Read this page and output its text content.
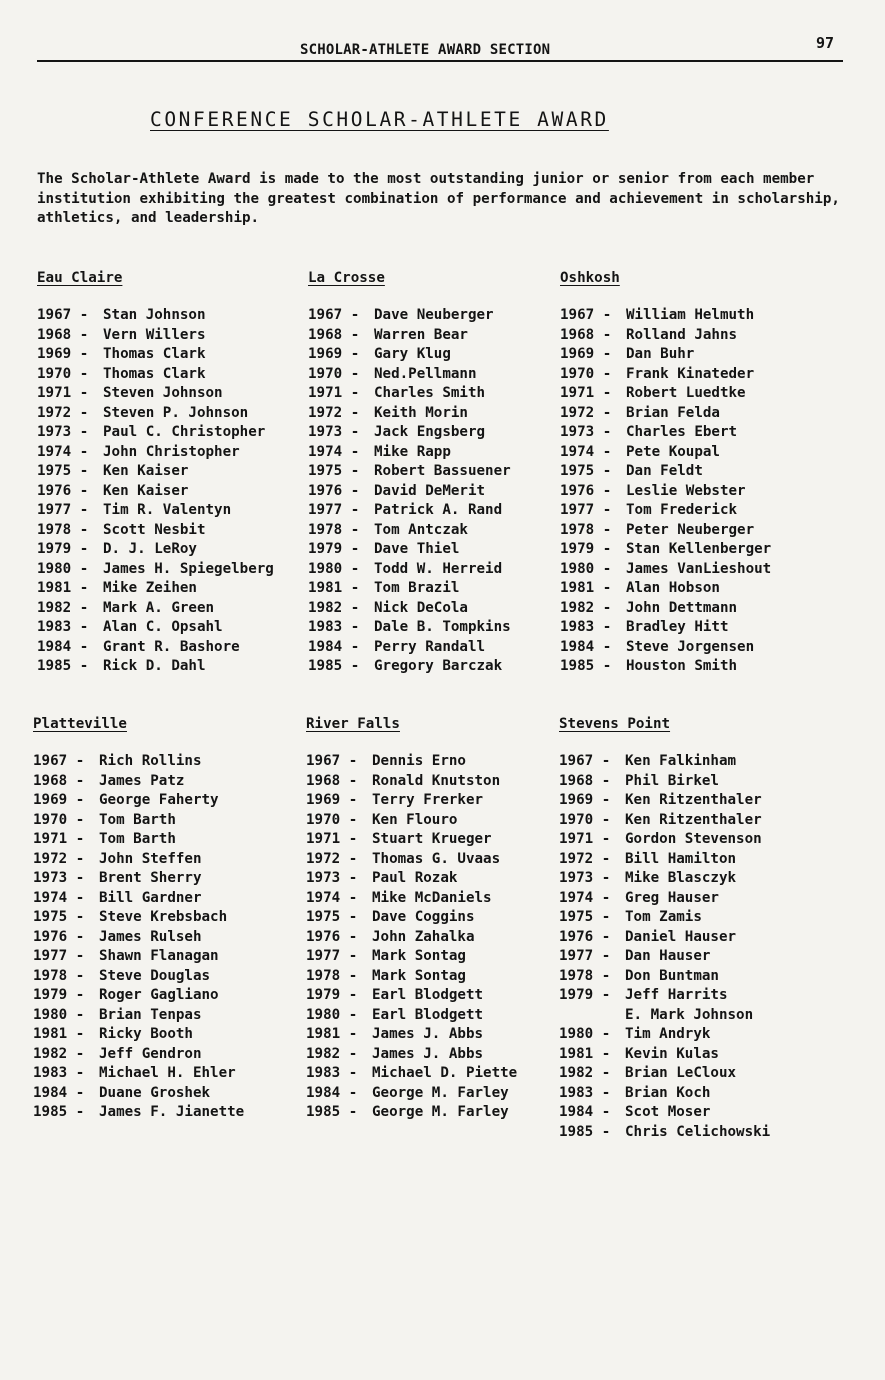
SCHOLAR-ATHLETE AWARD SECTION	97
CONFERENCE SCHOLAR-ATHLETE AWARD
The Scholar-Athlete Award is made to the most outstanding junior or senior from each member institution exhibiting the greatest combination of performance and achievement in scholarship, athletics, and leadership.
Eau Claire
1967 - Stan Johnson
1968 - Vern Willers
1969 - Thomas Clark
1970 - Thomas Clark
1971 - Steven Johnson
1972 - Steven P. Johnson
1973 - Paul C. Christopher
1974 - John Christopher
1975 - Ken Kaiser
1976 - Ken Kaiser
1977 - Tim R. Valentyn
1978 - Scott Nesbit
1979 - D. J. LeRoy
1980 - James H. Spiegelberg
1981 - Mike Zeihen
1982 - Mark A. Green
1983 - Alan C. Opsahl
1984 - Grant R. Bashore
1985 - Rick D. Dahl
La Crosse
1967 - Dave Neuberger
1968 - Warren Bear
1969 - Gary Klug
1970 - Ned.Pellmann
1971 - Charles Smith
1972 - Keith Morin
1973 - Jack Engsberg
1974 - Mike Rapp
1975 - Robert Bassuener
1976 - David DeMerit
1977 - Patrick A. Rand
1978 - Tom Antczak
1979 - Dave Thiel
1980 - Todd W. Herreid
1981 - Tom Brazil
1982 - Nick DeCola
1983 - Dale B. Tompkins
1984 - Perry Randall
1985 - Gregory Barczak
Oshkosh
1967 - William Helmuth
1968 - Rolland Jahns
1969 - Dan Buhr
1970 - Frank Kinateder
1971 - Robert Luedtke
1972 - Brian Felda
1973 - Charles Ebert
1974 - Pete Koupal
1975 - Dan Feldt
1976 - Leslie Webster
1977 - Tom Frederick
1978 - Peter Neuberger
1979 - Stan Kellenberger
1980 - James VanLieshout
1981 - Alan Hobson
1982 - John Dettmann
1983 - Bradley Hitt
1984 - Steve Jorgensen
1985 - Houston Smith
Platteville
1967 - Rich Rollins
1968 - James Patz
1969 - George Faherty
1970 - Tom Barth
1971 - Tom Barth
1972 - John Steffen
1973 - Brent Sherry
1974 - Bill Gardner
1975 - Steve Krebsbach
1976 - James Rulseh
1977 - Shawn Flanagan
1978 - Steve Douglas
1979 - Roger Gagliano
1980 - Brian Tenpas
1981 - Ricky Booth
1982 - Jeff Gendron
1983 - Michael H. Ehler
1984 - Duane Groshek
1985 - James F. Jianette
River Falls
1967 - Dennis Erno
1968 - Ronald Knutston
1969 - Terry Frerker
1970 - Ken Flouro
1971 - Stuart Krueger
1972 - Thomas G. Uvaas
1973 - Paul Rozak
1974 - Mike McDaniels
1975 - Dave Coggins
1976 - John Zahalka
1977 - Mark Sontag
1978 - Mark Sontag
1979 - Earl Blodgett
1980 - Earl Blodgett
1981 - James J. Abbs
1982 - James J. Abbs
1983 - Michael D. Piette
1984 - George M. Farley
1985 - George M. Farley
Stevens Point
1967 - Ken Falkinham
1968 - Phil Birkel
1969 - Ken Ritzenthaler
1970 - Ken Ritzenthaler
1971 - Gordon Stevenson
1972 - Bill Hamilton
1973 - Mike Blasczyk
1974 - Greg Hauser
1975 - Tom Zamis
1976 - Daniel Hauser
1977 - Dan Hauser
1978 - Don Buntman
1979 - Jeff Harrits
E. Mark Johnson
1980 - Tim Andryk
1981 - Kevin Kulas
1982 - Brian LeCloux
1983 - Brian Koch
1984 - Scot Moser
1985 - Chris Celichowski
